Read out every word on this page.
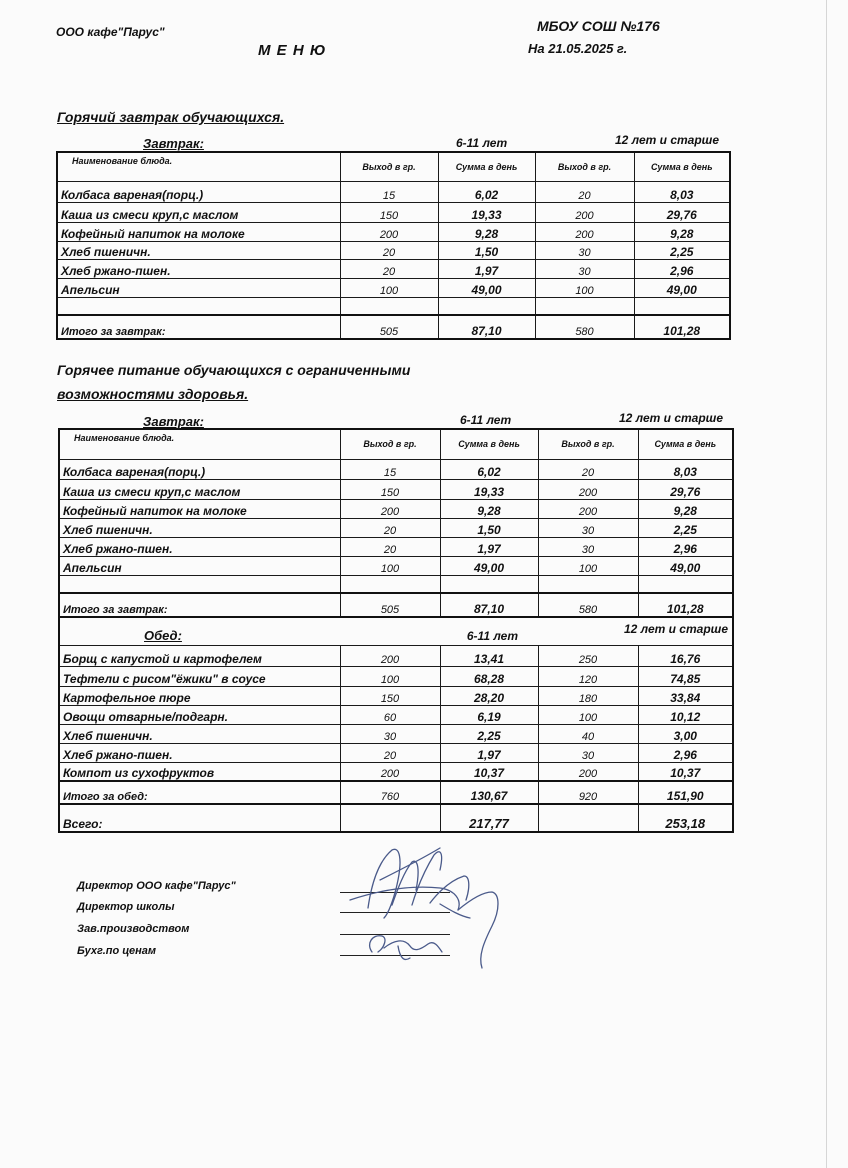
ООО кафе"Парус"
М Е Н Ю
МБОУ СОШ №176
На 21.05.2025 г.
Горячий завтрак обучающихся.
Завтрак:	6-11 лет	12 лет и старше
Наименование блюда.	Выход в гр.	Сумма в день	Выход в гр.	Сумма в день
Колбаса вареная(порц.)	15	6,02	20	8,03
Каша из смеси круп,с маслом	150	19,33	200	29,76
Кофейный напиток на молоке	200	9,28	200	9,28
Хлеб пшеничн.	20	1,50	30	2,25
Хлеб ржано-пшен.	20	1,97	30	2,96
Апельсин	100	49,00	100	49,00

Итого за завтрак:	505	87,10	580	101,28
Горячее питание обучающихся с ограниченными
возможностями здоровья.
Завтрак:	6-11 лет	12 лет и старше
Наименование блюда.	Выход в гр.	Сумма в день	Выход в гр.	Сумма в день
Колбаса вареная(порц.)	15	6,02	20	8,03
Каша из смеси круп,с маслом	150	19,33	200	29,76
Кофейный напиток на молоке	200	9,28	200	9,28
Хлеб пшеничн.	20	1,50	30	2,25
Хлеб ржано-пшен.	20	1,97	30	2,96
Апельсин	100	49,00	100	49,00

Итого за завтрак:	505	87,10	580	101,28
Обед:	6-11 лет		12 лет и старше	
Борщ с капустой и картофелем	200	13,41	250	16,76
Тефтели с рисом"ёжики" в соусе	100	68,28	120	74,85
Картофельное пюре	150	28,20	180	33,84
Овощи отварные/подгарн.	60	6,19	100	10,12
Хлеб пшеничн.	30	2,25	40	3,00
Хлеб ржано-пшен.	20	1,97	30	2,96
Компот из сухофруктов	200	10,37	200	10,37
Итого за обед:	760	130,67	920	151,90
Всего:		217,77		253,18
Директор ООО кафе"Парус"
Директор школы
Зав.производством
Бухг.по ценам
